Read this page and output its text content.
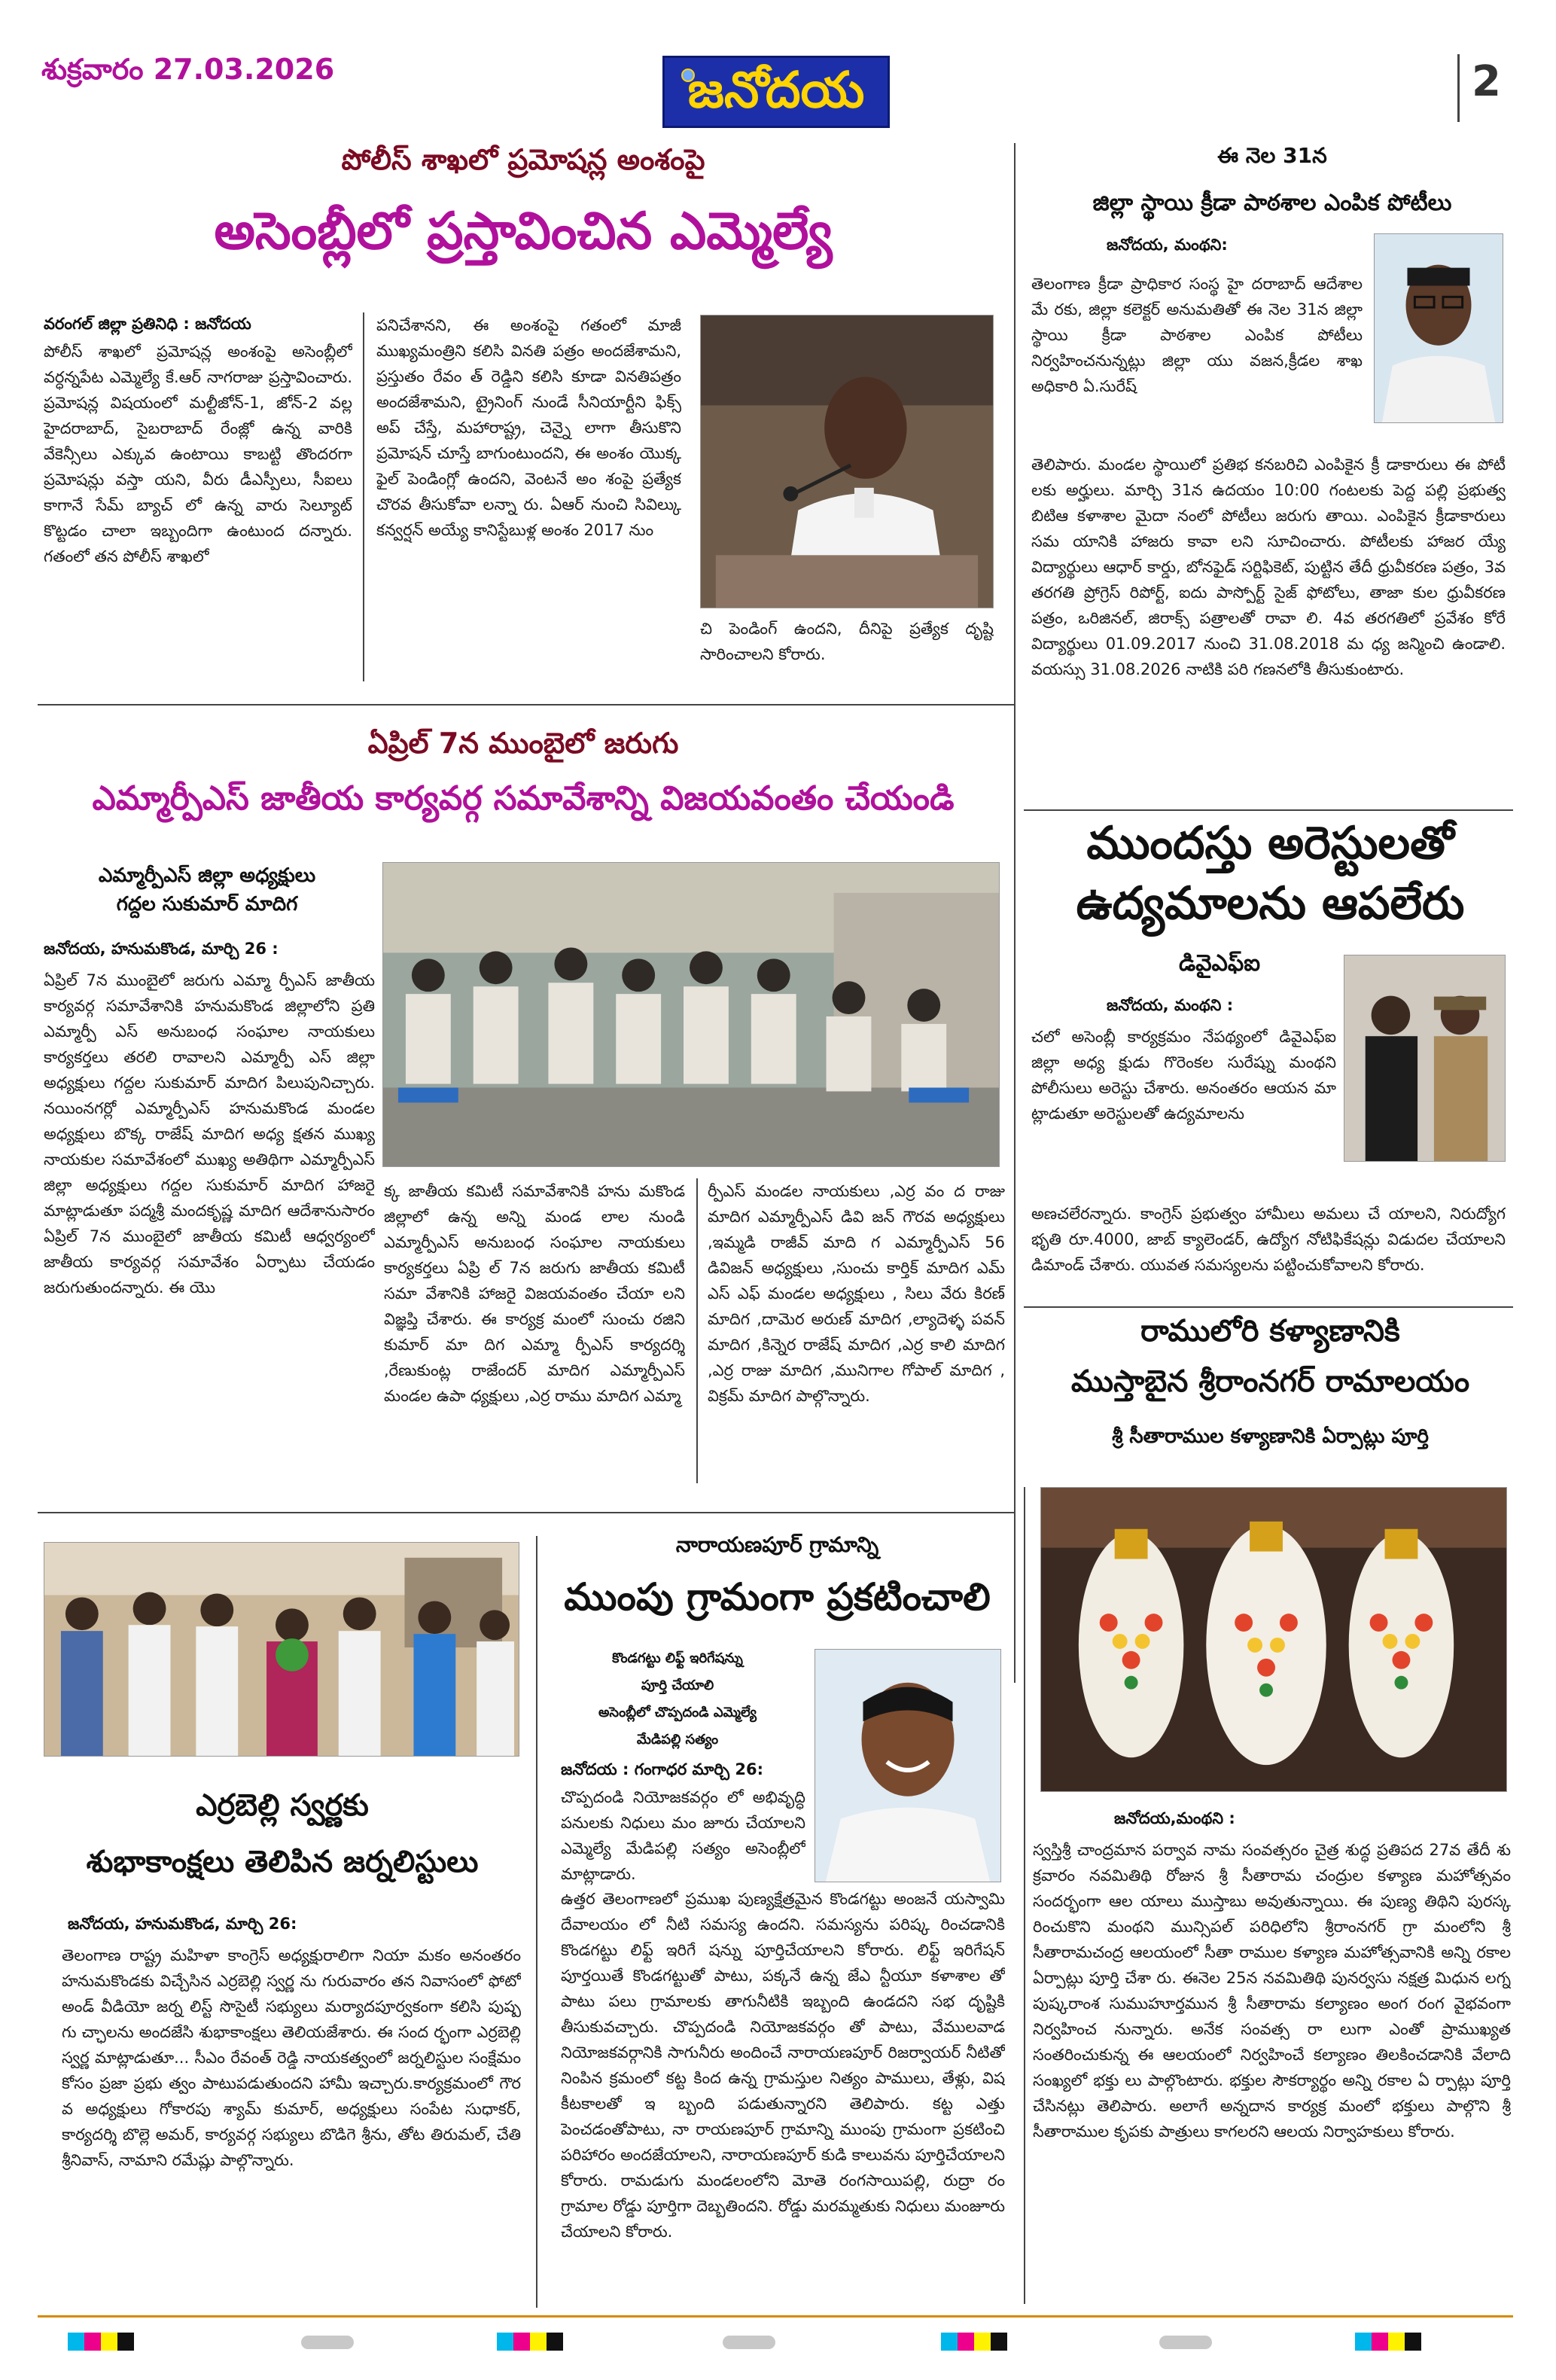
శుక్రవారం 27.03.2026	జనోదయ	2
పోలీస్ శాఖలో ప్రమోషన్ల అంశంపై
అసెంబ్లీలో ప్రస్తావించిన ఎమ్మెల్యే
వరంగల్ జిల్లా ప్రతినిధి : జనోదయ

పోలీస్ శాఖలో ప్రమోషన్ల అంశంపై అసెంబ్లీలో వర్ధన్నపేట ఎమ్మెల్యే కే.ఆర్ నాగరాజు ప్రస్తావించారు. ప్రమోషన్ల విషయంలో మల్టీజోన్-1, జోన్-2 వల్ల హైదరాబాద్, సైబరాబాద్ రేంజ్లో ఉన్న వారికి వేకెన్సీలు ఎక్కువ ఉంటాయి కాబట్టి తొందరగా ప్రమోషన్లు వస్తా యని, వీరు డీఎస్పీలు, సీఐలు కాగానే సేమ్ బ్యాచ్ లో ఉన్న వారు సెల్యూట్ కొట్టడం చాలా ఇబ్బందిగా ఉంటుంద దన్నారు. గతంలో తన పోలీస్ శాఖలో

పనిచేశానని, ఈ అంశంపై గతంలో మాజీ ముఖ్యమంత్రిని కలిసి వినతి పత్రం అందజేశామని, ప్రస్తుతం రేవం త్ రెడ్డిని కలిసి కూడా వినతిపత్రం అందజేశామని, ట్రైనింగ్ నుండే సీనియార్టీని ఫిక్స్ అప్ చేస్తే, మహారాష్ట్ర, చెన్నై లాగా తీసుకొని ప్రమోషన్ చూస్తే బాగుంటుందని, ఈ అంశం యొక్క ఫైల్ పెండింగ్లో ఉందని, వెంటనే అం శంపై ప్రత్యేక చొరవ తీసుకోవా లన్నా రు. ఏఆర్ నుంచి సివిల్కు కన్వర్షన్ అయ్యే కానిస్టేబుళ్ల అంశం 2017 నుం

చి పెండింగ్ ఉందని, దీనిపై ప్రత్యేక దృష్టి సారించాలని కోరారు.

ఈ నెల 31న
జిల్లా స్థాయి క్రీడా పాఠశాల ఎంపిక పోటీలు
జనోదయ, మంథని:

తెలంగాణ క్రీడా ప్రాధికార సంస్థ హై దరాబాద్ ఆదేశాల మే రకు, జిల్లా కలెక్టర్ అనుమతితో ఈ నెల 31న జిల్లా స్థాయి క్రీడా పాఠశాల ఎంపిక పోటీలు నిర్వహించనున్నట్లు జిల్లా యు వజన,క్రీడల శాఖ అధికారి ఏ.సురేష్

తెలిపారు. మండల స్థాయిలో ప్రతిభ కనబరిచి ఎంపికైన క్రీ డాకారులు ఈ పోటీ లకు అర్హులు. మార్చి 31న ఉదయం 10:00 గంటలకు పెద్ద పల్లి ప్రభుత్వ బిటిఆ కళాశాల మైదా నంలో పోటీలు జరుగు తాయి. ఎంపికైన క్రీడాకారులు సమ యానికి హాజరు కావా లని సూచించారు. పోటీలకు హాజర య్యే విద్యార్థులు ఆధార్ కార్డు, బోనఫైడ్ సర్టిఫికెట్, పుట్టిన తేదీ ధ్రువీకరణ పత్రం, 3వ తరగతి ప్రోగ్రెస్ రిపోర్ట్, ఐదు పాస్పోర్ట్ సైజ్ ఫోటోలు, తాజా కుల ధ్రువీకరణ పత్రం, ఒరిజినల్, జిరాక్స్ పత్రాలతో రావా లి. 4వ తరగతిలో ప్రవేశం కోరే విద్యార్థులు 01.09.2017 నుంచి 31.08.2018 మ ధ్య జన్మించి ఉండాలి. వయస్సు 31.08.2026 నాటికి పరి గణనలోకి తీసుకుంటారు.

ఏప్రిల్ 7న ముంబైలో జరుగు
ఎమ్మార్పీఎస్ జాతీయ కార్యవర్గ సమావేశాన్ని విజయవంతం చేయండి
ఎమ్మార్పీఎస్ జిల్లా అధ్యక్షులు
గద్దల సుకుమార్ మాదిగ
జనోదయ, హనుమకొండ, మార్చి 26 :

ఏప్రిల్ 7న ముంబైలో జరుగు ఎమ్మా ర్పీఎస్ జాతీయ కార్యవర్గ సమావేశానికి హనుమకొండ జిల్లాలోని ప్రతి ఎమ్మార్పీ ఎస్ అనుబంధ సంఘాల నాయకులు కార్యకర్తలు తరలి రావాలని ఎమ్మార్పీ ఎస్ జిల్లా అధ్యక్షులు గద్దల సుకుమార్ మాదిగ పిలుపునిచ్చారు. నయింనగర్లో ఎమ్మార్పీఎస్ హనుమకొండ మండల అధ్యక్షులు బొక్క రాజేష్ మాదిగ అధ్య క్షతన ముఖ్య నాయకుల సమావేశంలో ముఖ్య అతిథిగా ఎమ్మార్పీఎస్ జిల్లా అధ్యక్షులు గద్దల సుకుమార్ మాదిగ హాజరై మాట్లాడుతూ పద్మశ్రీ మందకృష్ణ మాదిగ ఆదేశానుసారం ఏప్రిల్ 7న ముంబైలో జాతీయ కమిటీ ఆధ్వర్యంలో జాతీయ కార్యవర్గ సమావేశం ఏర్పాటు చేయడం జరుగుతుందన్నారు. ఈ యొ

క్క జాతీయ కమిటీ సమావేశానికి హను మకొండ జిల్లాలో ఉన్న అన్ని మండ లాల నుండి ఎమ్మార్పీఎస్ అనుబంధ సంఘాల నాయకులు కార్యకర్తలు ఏప్రి ల్ 7న జరుగు జాతీయ కమిటీ సమా వేశానికి హాజరై విజయవంతం చేయా లని విజ్ఞప్తి చేశారు. ఈ కార్యక్ర మంలో సుంచు రజిని కుమార్ మా దిగ ఎమ్మా ర్పీఎస్ కార్యదర్శి ,రేణుకుంట్ల రాజేందర్ మాదిగ ఎమ్మార్పీఎస్ మండల ఉపా ధ్యక్షులు ,ఎర్ర రాము మాదిగ ఎమ్మా

ర్పీఎస్ మండల నాయకులు ,ఎర్ర వం ద రాజు మాదిగ ఎమ్మార్పీఎస్ డివి జన్ గౌరవ అధ్యక్షులు ,ఇమ్మడి రాజీవ్ మాది గ ఎమ్మార్పీఎస్ 56 డివిజన్ అధ్యక్షులు ,సుంచు కార్తిక్ మాదిగ ఎమ్ ఎస్ ఎఫ్ మండల అధ్యక్షులు , సిలు వేరు కిరణ్ మాదిగ ,దామెర అరుణ్ మాదిగ ,ల్యాదెళ్ళ పవన్ మాదిగ ,కిన్నెర రాజేష్ మాదిగ ,ఎర్ర కాలి మాదిగ ,ఎర్ర రాజు మాదిగ ,మునిగాల గోపాల్ మాదిగ , విక్రమ్ మాదిగ పాల్గొన్నారు.

ముందస్తు అరెస్టులతో
ఉద్యమాలను ఆపలేరు
డివైఎఫ్ఐ
జనోదయ, మంథని :

చలో అసెంబ్లీ కార్యక్రమం నేపథ్యంలో డివైఎఫ్ఐ జిల్లా అధ్య క్షుడు గొరెంకల సురేష్ను మంథని పోలీసులు అరెస్టు చేశారు. అనంతరం ఆయన మా ట్లాడుతూ అరెస్టులతో ఉద్యమాలను

అణచలేరన్నారు. కాంగ్రెస్ ప్రభుత్వం హామీలు అమలు చే యాలని, నిరుద్యోగ భృతి రూ.4000, జాబ్ క్యాలెండర్, ఉద్యోగ నోటిఫికేషన్లు విడుదల చేయాలని డిమాండ్ చేశారు. యువత సమస్యలను పట్టించుకోవాలని కోరారు.

రాములోరి కళ్యాణానికి
ముస్తాబైన శ్రీరాంనగర్ రామాలయం
శ్రీ సీతారాముల కళ్యాణానికి ఏర్పాట్లు పూర్తి
జనోదయ,మంథని :

స్వస్తిశ్రీ చాంద్రమాన పర్వావ నామ సంవత్సరం చైత్ర శుద్ధ ప్రతిపద 27వ తేదీ శు క్రవారం నవమితిథి రోజున శ్రీ సీతారామ చంద్రుల కళ్యాణ మహోత్సవం సందర్భంగా ఆల యాలు ముస్తాబు అవుతున్నాయి. ఈ పుణ్య తిథిని పురస్క రించుకొని మంథని మున్సిపల్ పరిధిలోని శ్రీరాంనగర్ గ్రా మంలోని శ్రీ సీతారామచంద్ర ఆలయంలో సీతా రాముల కళ్యాణ మహోత్సవానికి అన్ని రకాల ఏర్పాట్లు పూర్తి చేశా రు. ఈనెల 25న నవమితిథి పునర్వసు నక్షత్ర మిధున లగ్న పుష్కరాంశ సుముహూర్తమున శ్రీ సీతారామ కల్యాణం అంగ రంగ వైభవంగా నిర్వహించ నున్నారు. అనేక సంవత్స రా లుగా ఎంతో ప్రాముఖ్యత సంతరించుకున్న ఈ ఆలయంలో నిర్వహించే కల్యాణం తిలకించడానికి వేలాది సంఖ్యలో భక్తు లు పాల్గొంటారు. భక్తుల సౌకర్యార్థం అన్ని రకాల ఏ ర్పాట్లు పూర్తి చేసినట్లు తెలిపారు. అలాగే అన్నదాన కార్యక్ర మంలో భక్తులు పాల్గొని శ్రీ సీతారాముల కృపకు పాత్రులు కాగలరని ఆలయ నిర్వాహకులు కోరారు.

ఎర్రబెల్లి స్వర్ణకు
శుభాకాంక్షలు తెలిపిన జర్నలిస్టులు
జనోదయ, హనుమకొండ, మార్చి 26:

తెలంగాణ రాష్ట్ర మహిళా కాంగ్రెస్ అధ్యక్షురాలిగా నియా మకం అనంతరం హనుమకొండకు విచ్చేసిన ఎర్రబెల్లి స్వర్ణ ను గురువారం తన నివాసంలో ఫోటో అండ్ వీడియో జర్న లిస్ట్ సొసైటీ సభ్యులు మర్యాదపూర్వకంగా కలిసి పుష్ప గు చ్ఛాలను అందజేసి శుభాకాంక్షలు తెలియజేశారు. ఈ సంద ర్భంగా ఎర్రబెల్లి స్వర్ణ మాట్లాడుతూ... సీఎం రేవంత్ రెడ్డి నాయకత్వంలో జర్నలిస్టుల సంక్షేమం కోసం ప్రజా ప్రభు త్వం పాటుపడుతుందని హామీ ఇచ్చారు.కార్యక్రమంలో గౌర వ అధ్యక్షులు గోకారపు శ్యామ్ కుమార్, అధ్యక్షులు సంపేట సుధాకర్, కార్యదర్శి బొల్లె అమర్, కార్యవర్గ సభ్యులు బొడిగె శ్రీను, తోట తిరుమల్, చేతి శ్రీనివాస్, నామాని రమేష్లు పాల్గొన్నారు.

నారాయణపూర్ గ్రామాన్ని
ముంపు గ్రామంగా ప్రకటించాలి
కొండగట్టు లిఫ్ట్ ఇరిగేషన్ను
పూర్తి చేయాలి
అసెంబ్లీలో చొప్పదండి ఎమ్మెల్యే
మేడిపల్లి సత్యం
జనోదయ : గంగాధర మార్చి 26:

చొప్పదండి నియోజకవర్గం లో అభివృద్ధి పనులకు నిధులు మం జూరు చేయాలని ఎమ్మెల్యే మేడిపల్లి సత్యం అసెంబ్లీలో మాట్లాడారు.

ఉత్తర తెలంగాణలో ప్రముఖ పుణ్యక్షేత్రమైన కొండగట్టు అంజనే యస్వామి దేవాలయం లో నీటి సమస్య ఉందని. సమస్యను పరిష్క రించడానికి కొండగట్టు లిఫ్ట్ ఇరిగే షన్ను పూర్తిచేయాలని కోరారు. లిఫ్ట్ ఇరిగేషన్ పూర్తయితే కొండగట్టుతో పాటు, పక్కనే ఉన్న జేఎ న్టీయూ కళాశాల తో పాటు పలు గ్రామాలకు తాగునీటికి ఇబ్బంది ఉండదని సభ దృష్టికి తీసుకువచ్చారు. చొప్పదండి నియోజకవర్గం తో పాటు, వేములవాడ నియోజకవర్గానికి సాగునీరు అందించే నారాయణపూర్ రిజర్వాయర్ నీటితో నింపిన క్రమంలో కట్ట కింద ఉన్న గ్రామస్తుల నిత్యం పాములు, తేళ్లు, విష కీటకాలతో ఇ బ్బంది పడుతున్నారని తెలిపారు. కట్ట ఎత్తు పెంచడంతోపాటు, నా రాయణపూర్ గ్రామాన్ని ముంపు గ్రామంగా ప్రకటించి పరిహారం అందజేయాలని, నారాయణపూర్ కుడి కాలువను పూర్తిచేయాలని కోరారు. రామడుగు మండలంలోని మోతె రంగసాయిపల్లి, రుద్రా రం గ్రామాల రోడ్డు పూర్తిగా దెబ్బతిందని. రోడ్డు మరమ్మతుకు నిధులు మంజూరు చేయాలని కోరారు.
